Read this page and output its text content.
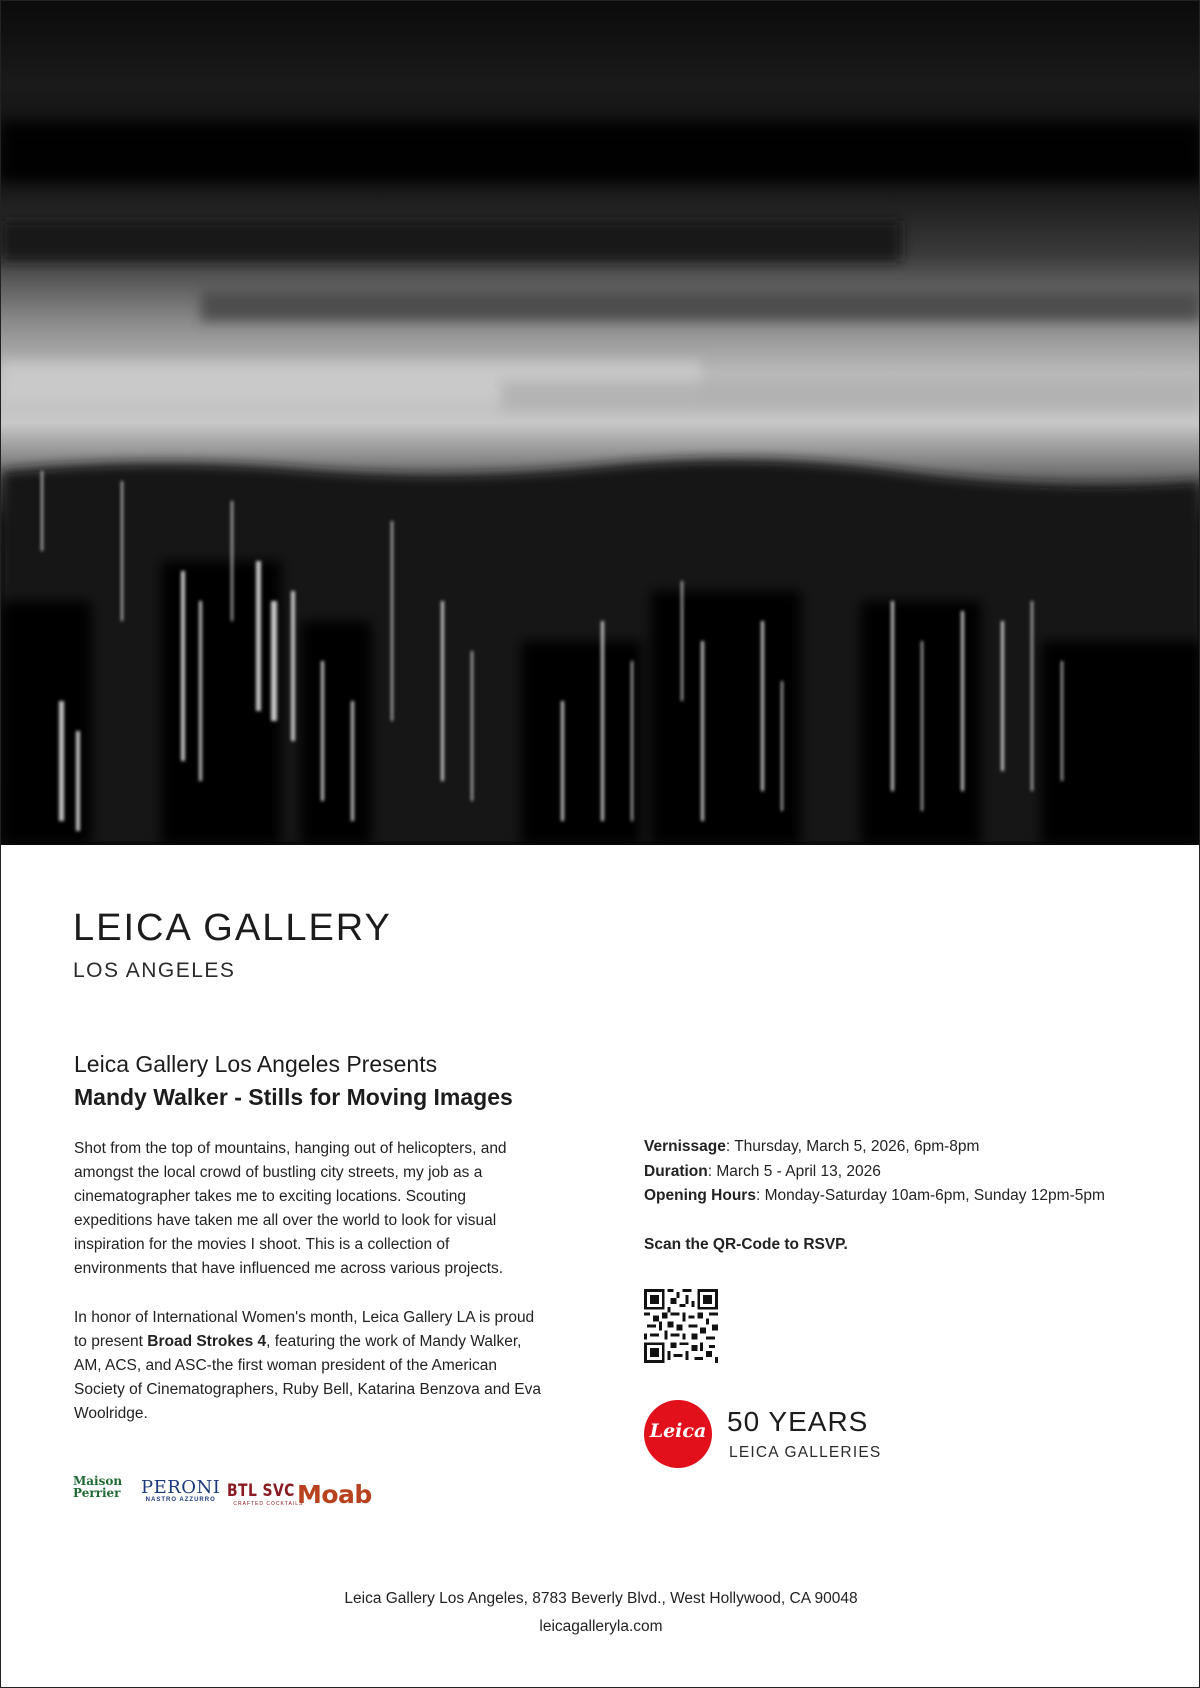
LEICA GALLERY
LOS ANGELES
Leica Gallery Los Angeles Presents
Mandy Walker - Stills for Moving Images

Shot from the top of mountains, hanging out of helicopters, and amongst the local crowd of bustling city streets, my job as a cinematographer takes me to exciting locations. Scouting expeditions have taken me all over the world to look for visual inspiration for the movies I shoot. This is a collection of environments that have influenced me across various projects.

In honor of International Women's month, Leica Gallery LA is proud to present Broad Strokes 4, featuring the work of Mandy Walker, AM, ACS, and ASC-the first woman president of the American Society of Cinematographers, Ruby Bell, Katarina Benzova and Eva Woolridge.

Vernissage: Thursday, March 5, 2026, 6pm-8pm
Duration: March 5 - April 13, 2026
Opening Hours: Monday-Saturday 10am-6pm, Sunday 12pm-5pm
Scan the QR-Code to RSVP.
Leica 50 YEARS
LEICA GALLERIES
Maison
Perrier PERONI
NASTRO AZZURRO BTL SVC
CRAFTED COCKTAILS
Moab
Leica Gallery Los Angeles, 8783 Beverly Blvd., West Hollywood, CA 90048
leicagalleryla.com
